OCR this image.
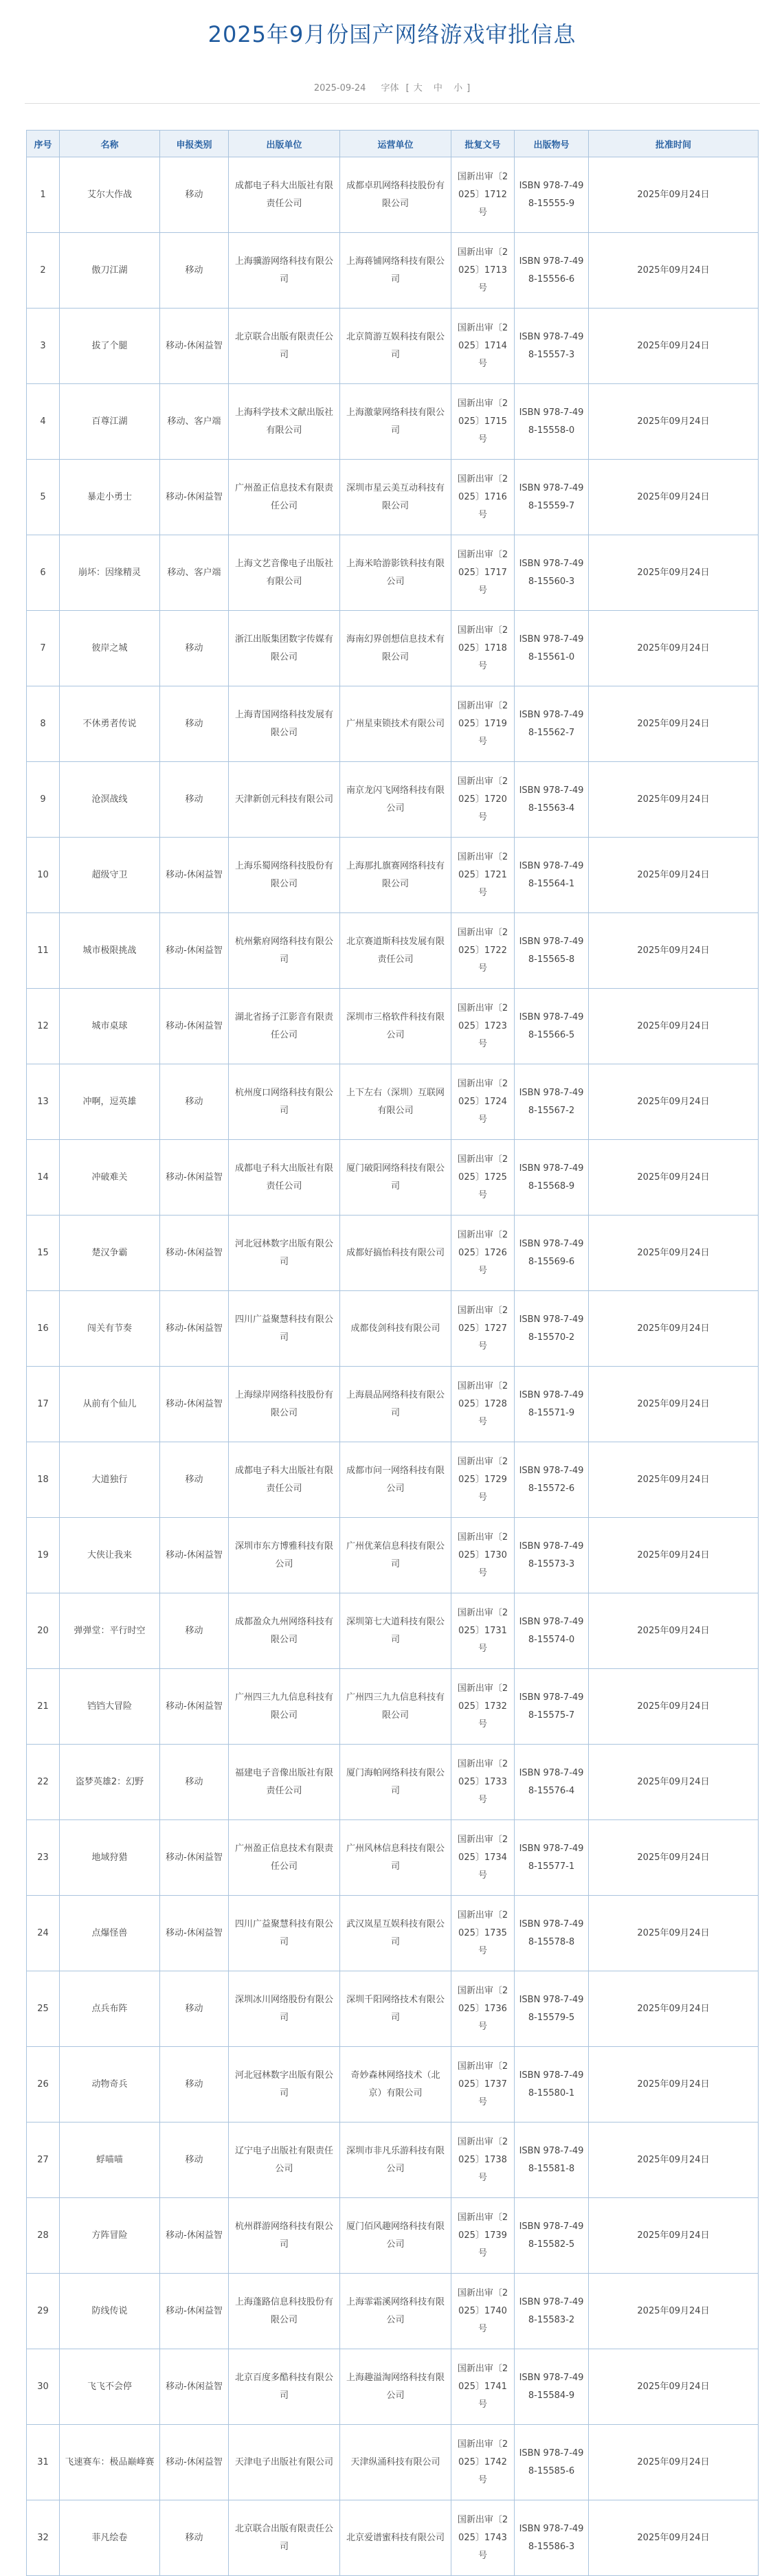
2025年9月份国产网络游戏审批信息
2025-09-24 字体 [ 大 中 小 ]
序号	名称	申报类别	出版单位	运营单位	批复文号	出版物号	批准时间
1	艾尔大作战	移动	成都电子科大出版社有限责任公司	成都卓玑网络科技股份有限公司	国新出审〔2025〕1712号	ISBN 978-7-498-15555-9	2025年09月24日
2	傲刀江湖	移动	上海骥游网络科技有限公司	上海蒋铺网络科技有限公司	国新出审〔2025〕1713号	ISBN 978-7-498-15556-6	2025年09月24日
3	拔了个腿	移动-休闲益智	北京联合出版有限责任公司	北京简游互娱科技有限公司	国新出审〔2025〕1714号	ISBN 978-7-498-15557-3	2025年09月24日
4	百尊江湖	移动、客户端	上海科学技术文献出版社有限公司	上海激蒙网络科技有限公司	国新出审〔2025〕1715号	ISBN 978-7-498-15558-0	2025年09月24日
5	暴走小勇士	移动-休闲益智	广州盈正信息技术有限责任公司	深圳市星云美互动科技有限公司	国新出审〔2025〕1716号	ISBN 978-7-498-15559-7	2025年09月24日
6	崩坏：因缘精灵	移动、客户端	上海文艺音像电子出版社有限公司	上海米哈游影铁科技有限公司	国新出审〔2025〕1717号	ISBN 978-7-498-15560-3	2025年09月24日
7	彼岸之城	移动	浙江出版集团数字传媒有限公司	海南幻界创想信息技术有限公司	国新出审〔2025〕1718号	ISBN 978-7-498-15561-0	2025年09月24日
8	不休勇者传说	移动	上海青国网络科技发展有限公司	广州星束锁技术有限公司	国新出审〔2025〕1719号	ISBN 978-7-498-15562-7	2025年09月24日
9	沧溟战线	移动	天津新创元科技有限公司	南京龙闪飞网络科技有限公司	国新出审〔2025〕1720号	ISBN 978-7-498-15563-4	2025年09月24日
10	超级守卫	移动-休闲益智	上海乐蜀网络科技股份有限公司	上海那扎旗赛网络科技有限公司	国新出审〔2025〕1721号	ISBN 978-7-498-15564-1	2025年09月24日
11	城市极限挑战	移动-休闲益智	杭州紫府网络科技有限公司	北京赛道斯科技发展有限责任公司	国新出审〔2025〕1722号	ISBN 978-7-498-15565-8	2025年09月24日
12	城市桌球	移动-休闲益智	湖北省扬子江影音有限责任公司	深圳市三格软件科技有限公司	国新出审〔2025〕1723号	ISBN 978-7-498-15566-5	2025年09月24日
13	冲啊，逗英雄	移动	杭州度口网络科技有限公司	上下左右（深圳）互联网有限公司	国新出审〔2025〕1724号	ISBN 978-7-498-15567-2	2025年09月24日
14	冲破难关	移动-休闲益智	成都电子科大出版社有限责任公司	厦门破阳网络科技有限公司	国新出审〔2025〕1725号	ISBN 978-7-498-15568-9	2025年09月24日
15	楚汉争霸	移动-休闲益智	河北冠林数字出版有限公司	成都好搞怡科技有限公司	国新出审〔2025〕1726号	ISBN 978-7-498-15569-6	2025年09月24日
16	闯关有节奏	移动-休闲益智	四川广益聚慧科技有限公司	成都伎剑科技有限公司	国新出审〔2025〕1727号	ISBN 978-7-498-15570-2	2025年09月24日
17	从前有个仙儿	移动-休闲益智	上海绿岸网络科技股份有限公司	上海晨品网络科技有限公司	国新出审〔2025〕1728号	ISBN 978-7-498-15571-9	2025年09月24日
18	大道独行	移动	成都电子科大出版社有限责任公司	成都市问一网络科技有限公司	国新出审〔2025〕1729号	ISBN 978-7-498-15572-6	2025年09月24日
19	大侠让我来	移动-休闲益智	深圳市东方博雅科技有限公司	广州优莱信息科技有限公司	国新出审〔2025〕1730号	ISBN 978-7-498-15573-3	2025年09月24日
20	弹弹堂：平行时空	移动	成都盈众九州网络科技有限公司	深圳第七大道科技有限公司	国新出审〔2025〕1731号	ISBN 978-7-498-15574-0	2025年09月24日
21	铛铛大冒险	移动-休闲益智	广州四三九九信息科技有限公司	广州四三九九信息科技有限公司	国新出审〔2025〕1732号	ISBN 978-7-498-15575-7	2025年09月24日
22	盗梦英雄2：幻野	移动	福建电子音像出版社有限责任公司	厦门海帕网络科技有限公司	国新出审〔2025〕1733号	ISBN 978-7-498-15576-4	2025年09月24日
23	地域狩猎	移动-休闲益智	广州盈正信息技术有限责任公司	广州风林信息科技有限公司	国新出审〔2025〕1734号	ISBN 978-7-498-15577-1	2025年09月24日
24	点爆怪兽	移动-休闲益智	四川广益聚慧科技有限公司	武汉岚星互娱科技有限公司	国新出审〔2025〕1735号	ISBN 978-7-498-15578-8	2025年09月24日
25	点兵布阵	移动	深圳冰川网络股份有限公司	深圳千阳网络技术有限公司	国新出审〔2025〕1736号	ISBN 978-7-498-15579-5	2025年09月24日
26	动物奇兵	移动	河北冠林数字出版有限公司	奇妙森林网络技术（北京）有限公司	国新出审〔2025〕1737号	ISBN 978-7-498-15580-1	2025年09月24日
27	蜉喵喵	移动	辽宁电子出版社有限责任公司	深圳市非凡乐游科技有限公司	国新出审〔2025〕1738号	ISBN 978-7-498-15581-8	2025年09月24日
28	方阵冒险	移动-休闲益智	杭州群游网络科技有限公司	厦门佰风趣网络科技有限公司	国新出审〔2025〕1739号	ISBN 978-7-498-15582-5	2025年09月24日
29	防线传说	移动-休闲益智	上海蓬路信息科技股份有限公司	上海霏霜溪网络科技有限公司	国新出审〔2025〕1740号	ISBN 978-7-498-15583-2	2025年09月24日
30	飞飞不会停	移动-休闲益智	北京百度多酷科技有限公司	上海趣溢淘网络科技有限公司	国新出审〔2025〕1741号	ISBN 978-7-498-15584-9	2025年09月24日
31	飞速赛车：极品巅峰赛	移动-休闲益智	天津电子出版社有限公司	天津纵涌科技有限公司	国新出审〔2025〕1742号	ISBN 978-7-498-15585-6	2025年09月24日
32	菲凡绘卷	移动	北京联合出版有限责任公司	北京爱谱蜜科技有限公司	国新出审〔2025〕1743号	ISBN 978-7-498-15586-3	2025年09月24日
